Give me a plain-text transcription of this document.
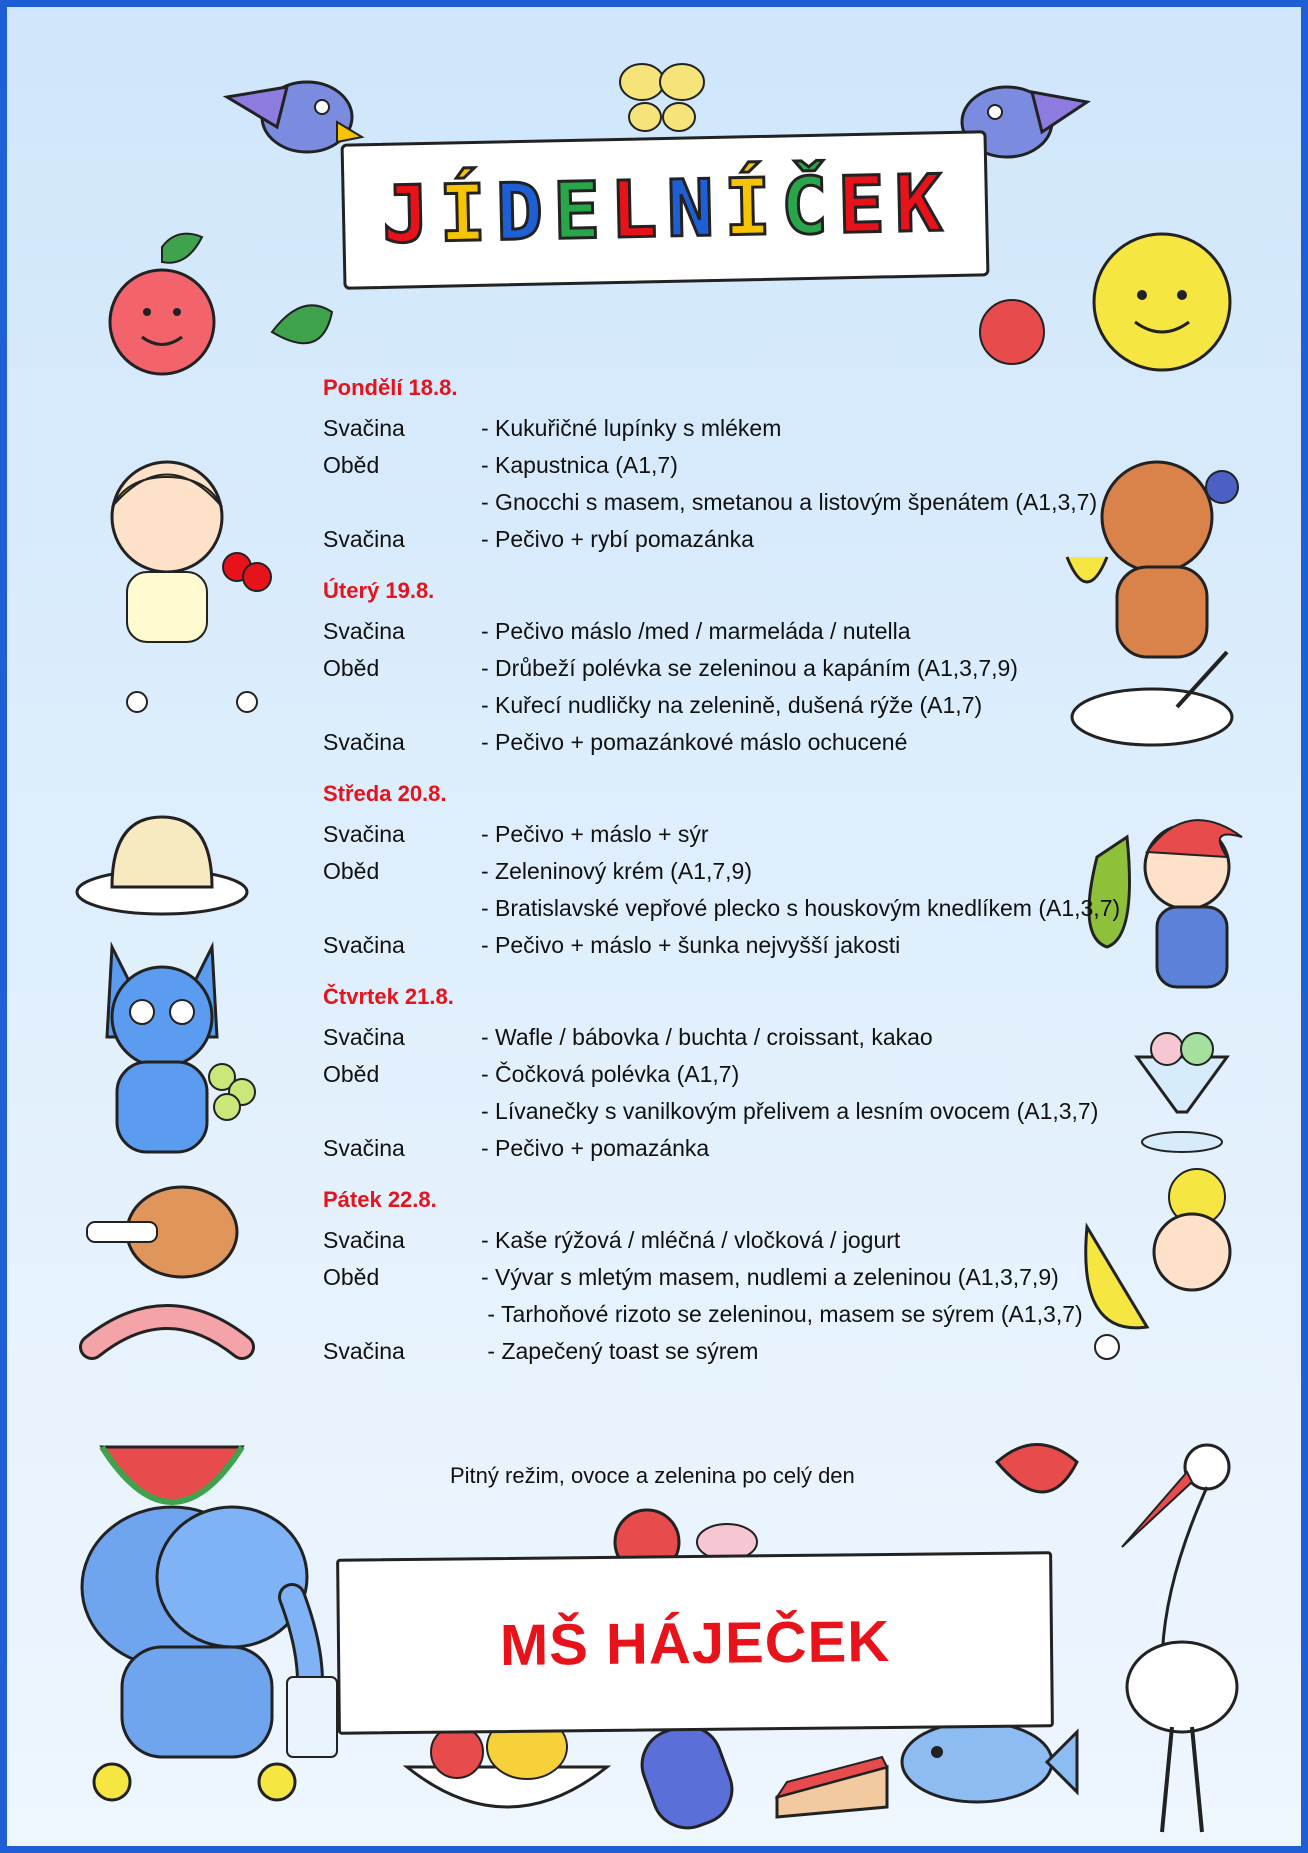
J Í D E L N Í Č E K
Pondělí 18.8.
Svačina	- Kukuřičné lupínky s mlékem
Oběd	- Kapustnica (A1,7)
- Gnocchi s masem, smetanou a listovým špenátem (A1,3,7)
Svačina	- Pečivo + rybí pomazánka
Úterý 19.8.
Svačina	- Pečivo máslo /med / marmeláda / nutella
Oběd	- Drůbeží polévka se zeleninou a kapáním (A1,3,7,9)
- Kuřecí nudličky na zelenině, dušená rýže (A1,7)
Svačina	- Pečivo + pomazánkové máslo ochucené
Středa 20.8.
Svačina	- Pečivo + máslo + sýr
Oběd	- Zeleninový krém (A1,7,9)
- Bratislavské vepřové plecko s houskovým knedlíkem (A1,3,7)
Svačina	- Pečivo + máslo + šunka nejvyšší jakosti
Čtvrtek 21.8.
Svačina	- Wafle / bábovka / buchta / croissant, kakao
Oběd	- Čočková polévka (A1,7)
- Lívanečky s vanilkovým přelivem a lesním ovocem (A1,3,7)
Svačina	- Pečivo + pomazánka
Pátek 22.8.
Svačina	- Kaše rýžová / mléčná / vločková / jogurt
Oběd	- Vývar s mletým masem, nudlemi a zeleninou (A1,3,7,9)
- Tarhoňové rizoto se zeleninou, masem se sýrem (A1,3,7)
Svačina	- Zapečený toast se sýrem
Pitný režim, ovoce a zelenina po celý den
MŠ HÁJEČEK
